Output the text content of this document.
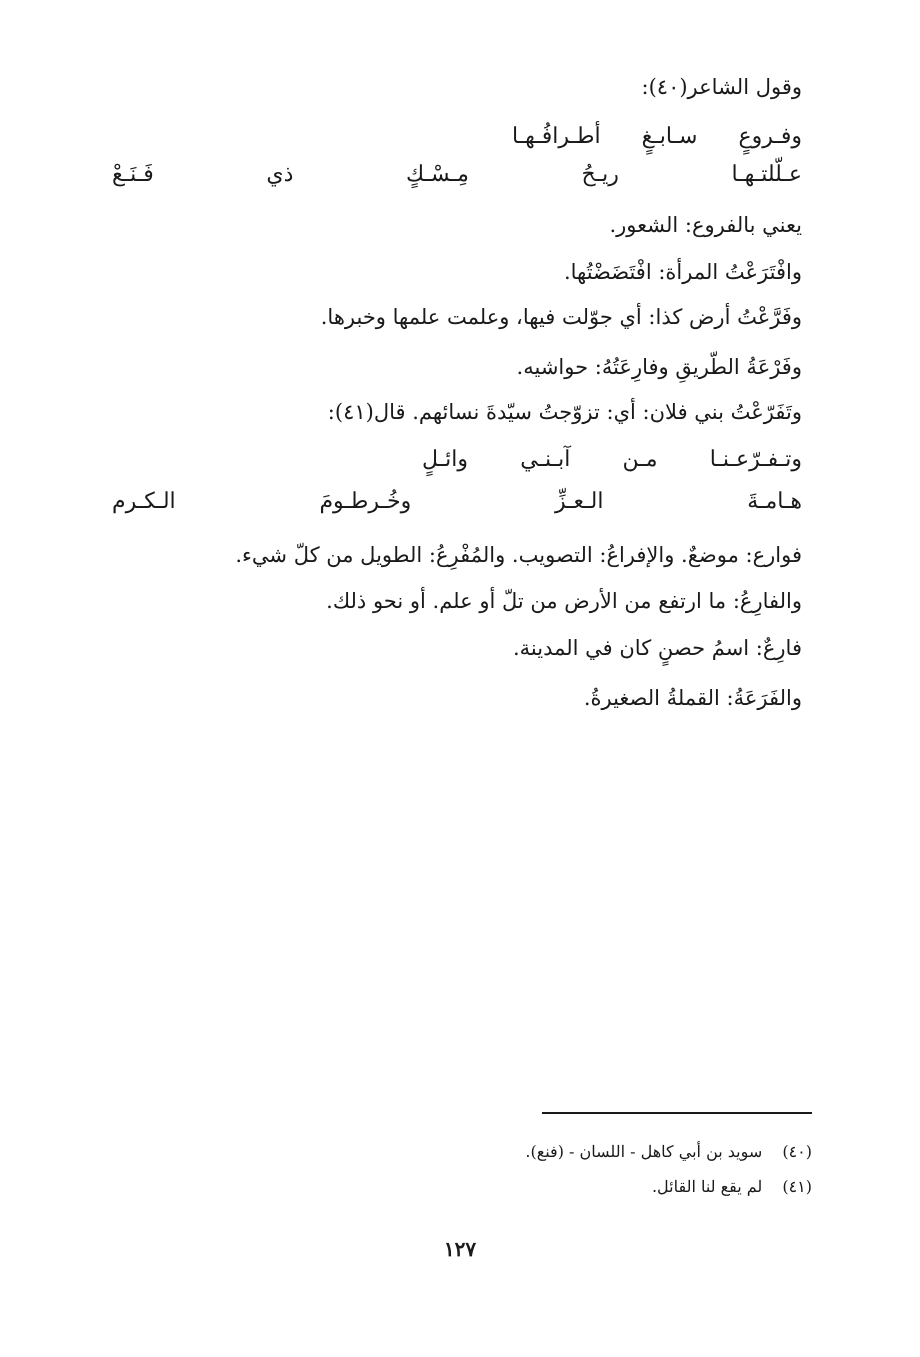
وقول الشاعر(٤٠):
وفـروعٍ
سـابـغٍ
أطـرافُـهـا
عـلّلتـهـا
ريـحُ
مِـسْـكٍ
ذي
فَـنَـعْ
يعني بالفروع: الشعور.
وافْتَرَعْتُ المرأة: افْتَضَضْتُها.
وفَرَّعْتُ أرض كذا: أي جوّلت فيها، وعلمت علمها وخبرها.
وفَرْعَةُ الطّريقِ وفارِعَتُهُ: حواشيه.
وتَفَرّعْتُ بني فلان: أي: تزوّجتُ سيّدةَ نسائهم. قال(٤١):
وتـفـرّعـنـا
مـن
آبـنـي
وائـلٍ
هـامـةَ
الـعـزِّ
وخُـرطـومَ
الـكـرم
فوارع: موضعٌ. والإفراعُ: التصويب. والمُفْرِعُ: الطويل من كلّ شيء.
والفارِعُ: ما ارتفع من الأرض من تلّ أو علم. أو نحو ذلك.
فارِعٌ: اسمُ حصنٍ كان في المدينة.
والفَرَعَةُ: القملةُ الصغيرةُ.
(٤٠)سويد بن أبي كاهل - اللسان - (فنع).
(٤١)لم يقع لنا القائل.
١٢٧
